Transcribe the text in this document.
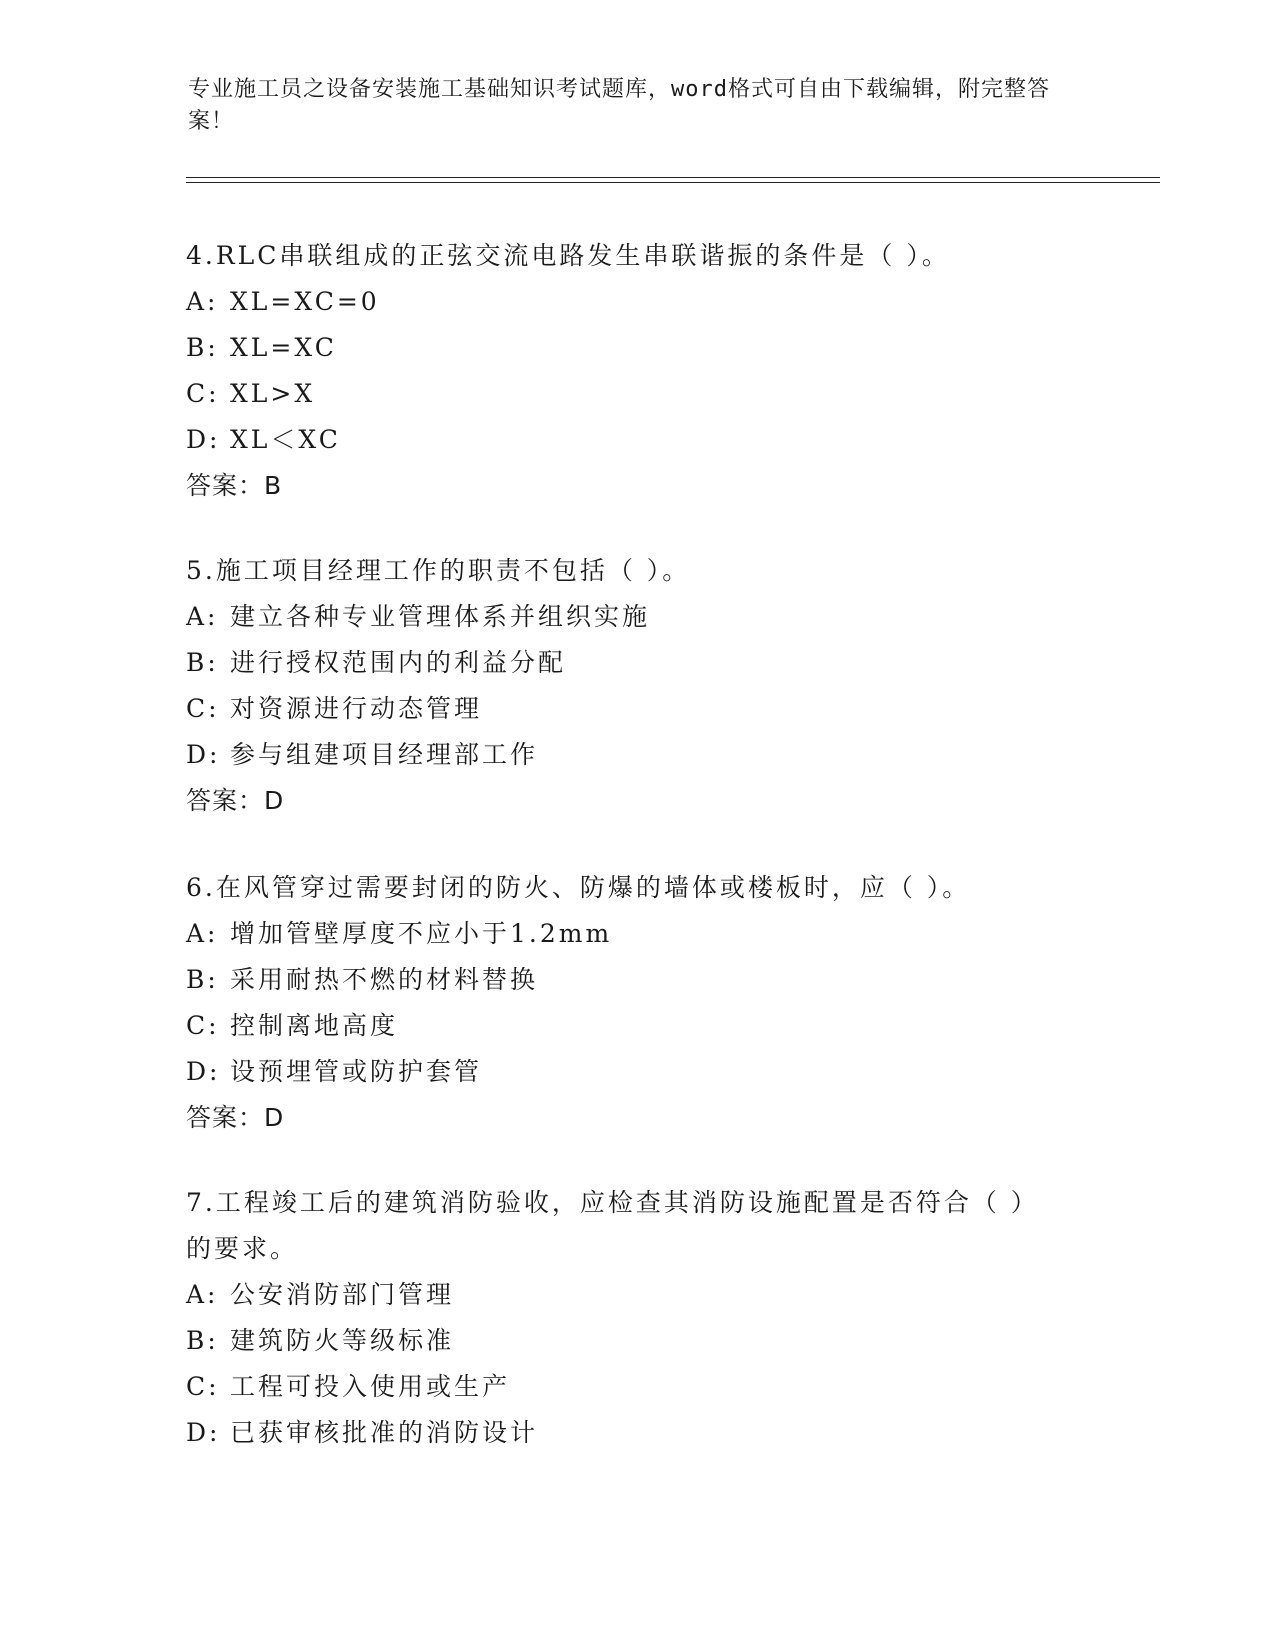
专业施工员之设备安装施工基础知识考试题库，word格式可自由下载编辑，附完整答案！
4.RLC串联组成的正弦交流电路发生串联谐振的条件是（ ）。
A: XL=XC=0
B: XL=XC
C: XL>X
D: XL＜XC
答案：B
5.施工项目经理工作的职责不包括（ ）。
A: 建立各种专业管理体系并组织实施
B: 进行授权范围内的利益分配
C: 对资源进行动态管理
D: 参与组建项目经理部工作
答案：D
6.在风管穿过需要封闭的防火、防爆的墙体或楼板时，应（ ）。
A: 增加管壁厚度不应小于1.2mm
B: 采用耐热不燃的材料替换
C: 控制离地高度
D: 设预埋管或防护套管
答案：D
7.工程竣工后的建筑消防验收，应检查其消防设施配置是否符合（ ）的要求。
A: 公安消防部门管理
B: 建筑防火等级标准
C: 工程可投入使用或生产
D: 已获审核批准的消防设计
